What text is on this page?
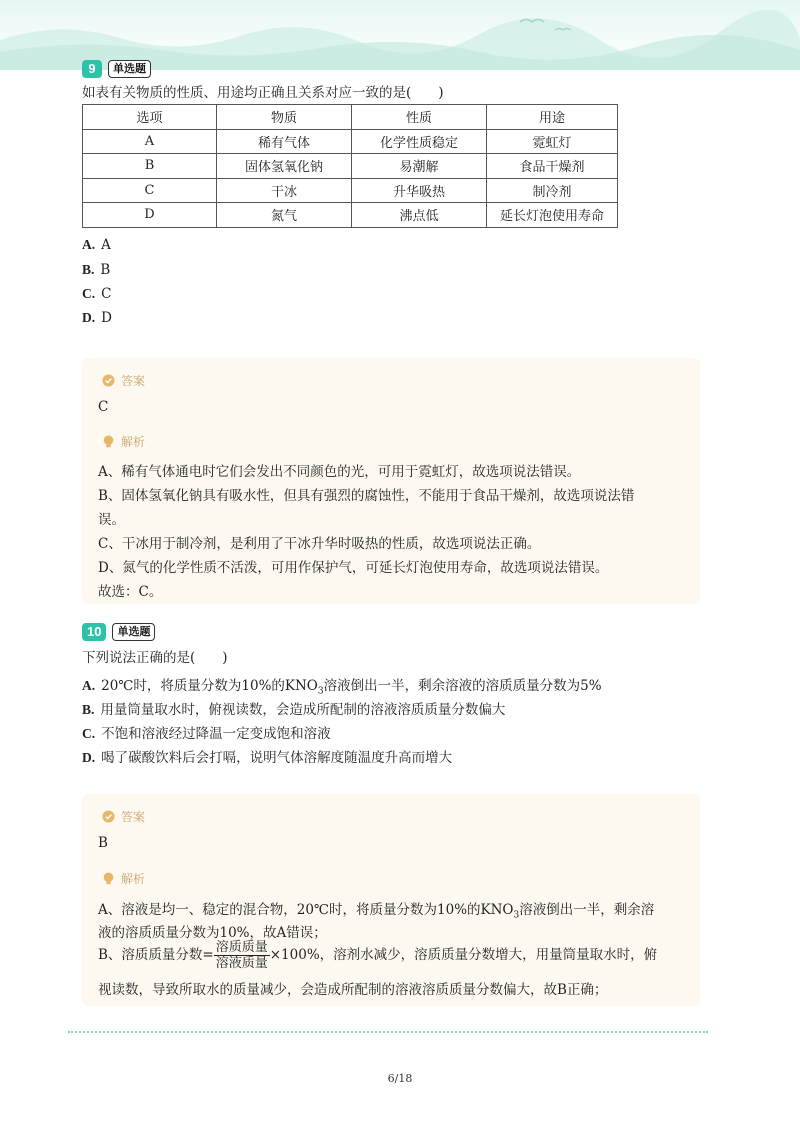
9	单选题
如表有关物质的性质、用途均正确且关系对应一致的是(　　)
选项	物质	性质	用途
A	稀有气体	化学性质稳定	霓虹灯
B	固体氢氧化钠	易潮解	食品干燥剂
C	干冰	升华吸热	制冷剂
D	氮气	沸点低	延长灯泡使用寿命
A. A
B. B
C. C
D. D
答案
C
解析
A、稀有气体通电时它们会发出不同颜色的光，可用于霓虹灯，故选项说法错误。
B、固体氢氧化钠具有吸水性，但具有强烈的腐蚀性，不能用于食品干燥剂，故选项说法错
误。
C、干冰用于制冷剂，是利用了干冰升华时吸热的性质，故选项说法正确。
D、氮气的化学性质不活泼，可用作保护气，可延长灯泡使用寿命，故选项说法错误。
故选：C。
10	单选题
下列说法正确的是(　　)
A. 20℃时，将质量分数为10%的$KNO_3$溶液倒出一半，剩余溶液的溶质质量分数为5%
B. 用量筒量取水时，俯视读数，会造成所配制的溶液溶质质量分数偏大
C. 不饱和溶液经过降温一定变成饱和溶液
D. 喝了碳酸饮料后会打嗝，说明气体溶解度随温度升高而增大
答案
B
解析
A、溶液是均一、稳定的混合物，20℃时，将质量分数为10%的$KNO_3$溶液倒出一半，剩余溶
液的溶质质量分数为10%，故A错误；
B、溶质质量分数= $\frac{\text{溶质质量}}{\text{溶液质量}} \times 100\%$，溶剂水减少，溶质质量分数增大，用量筒量取水时，俯
视读数，导致所取水的质量减少，会造成所配制的溶液溶质质量分数偏大，故B正确；
6/18
